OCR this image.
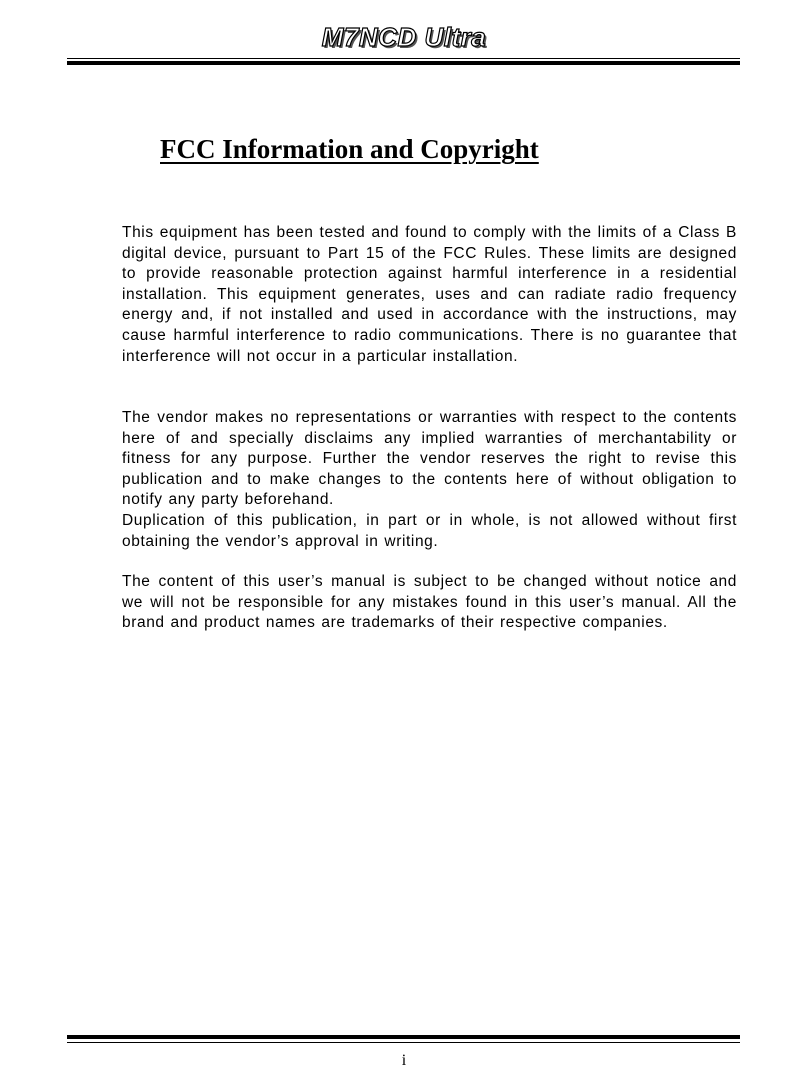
M7NCD Ultra
FCC Information and Copyright

This equipment has been tested and found to comply with the limits of a Class B digital device, pursuant to Part 15 of the FCC Rules. These limits are designed to provide reasonable protection against harmful interference in a residential installation. This equipment generates, uses and can radiate radio frequency energy and, if not installed and used in accordance with the instructions, may cause harmful interference to radio communications. There is no guarantee that interference will not occur in a particular installation.

The vendor makes no representations or warranties with respect to the contents here of and specially disclaims any implied warranties of merchantability or fitness for any purpose. Further the vendor reserves the right to revise this publication and to make changes to the contents here of without obligation to notify any party beforehand.

Duplication of this publication, in part or in whole, is not allowed without first obtaining the vendor’s approval in writing.

The content of this user’s manual is subject to be changed without notice and we will not be responsible for any mistakes found in this user’s manual. All the brand and product names are trademarks of their respective companies.

i
